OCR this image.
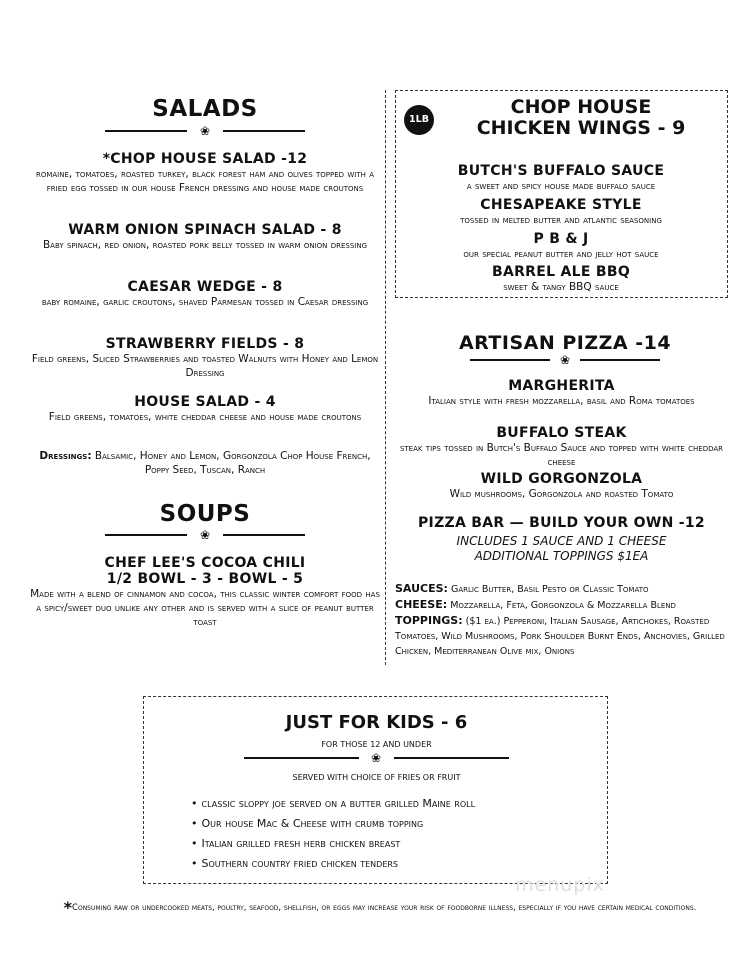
SALADS
❀
*CHOP HOUSE SALAD -12
romaine, tomatoes, roasted turkey, black forest ham and olives topped with a fried egg tossed in our house French dressing and house made croutons
WARM ONION SPINACH SALAD - 8
Baby spinach, red onion, roasted pork belly tossed in warm onion dressing
CAESAR WEDGE - 8
baby romaine, garlic croutons, shaved Parmesan tossed in Caesar dressing
STRAWBERRY FIELDS - 8
Field greens, Sliced Strawberries and toasted Walnuts with Honey and Lemon Dressing
HOUSE SALAD - 4
Field greens, tomatoes, white cheddar cheese and house made croutons
Dressings: Balsamic, Honey and Lemon, Gorgonzola Chop House French, Poppy Seed, Tuscan, Ranch
SOUPS
❀
CHEF LEE'S COCOA CHILI
1/2 BOWL - 3 - BOWL - 5
Made with a blend of cinnamon and cocoa, this classic winter comfort food has a spicy/sweet duo unlike any other and is served with a slice of peanut butter toast
1LB
CHOP HOUSE
CHICKEN WINGS - 9
BUTCH'S BUFFALO SAUCE
a sweet and spicy house made buffalo sauce
CHESAPEAKE STYLE
tossed in melted butter and atlantic seasoning
P B & J
our special peanut butter and jelly hot sauce
BARREL ALE BBQ
sweet & tangy BBQ sauce
ARTISAN PIZZA -14
❀
MARGHERITA
Italian style with fresh mozzarella, basil and Roma tomatoes
BUFFALO STEAK
steak tips tossed in Butch's Buffalo Sauce and topped with white cheddar cheese
WILD GORGONZOLA
Wild mushrooms, Gorgonzola and roasted Tomato
PIZZA BAR — BUILD YOUR OWN -12
INCLUDES 1 SAUCE AND 1 CHEESE
ADDITIONAL TOPPINGS $1EA
SAUCES: Garlic Butter, Basil Pesto or Classic Tomato
CHEESE: Mozzarella, Feta, Gorgonzola & Mozzarella Blend
TOPPINGS: ($1 ea.) Pepperoni, Italian Sausage, Artichokes, Roasted Tomatoes, Wild Mushrooms, Pork Shoulder Burnt Ends, Anchovies, Grilled Chicken, Mediterranean Olive mix, Onions
JUST FOR KIDS - 6
FOR THOSE 12 AND UNDER
❀
SERVED WITH CHOICE OF FRIES OR FRUIT
• classic sloppy joe served on a butter grilled Maine roll
• Our house Mac & Cheese with crumb topping
• Italian grilled fresh herb chicken breast
• Southern country fried chicken tenders
menupix
*Consuming raw or undercooked meats, poultry, seafood, shellfish, or eggs may increase your risk of foodborne illness, especially if you have certain medical conditions.
